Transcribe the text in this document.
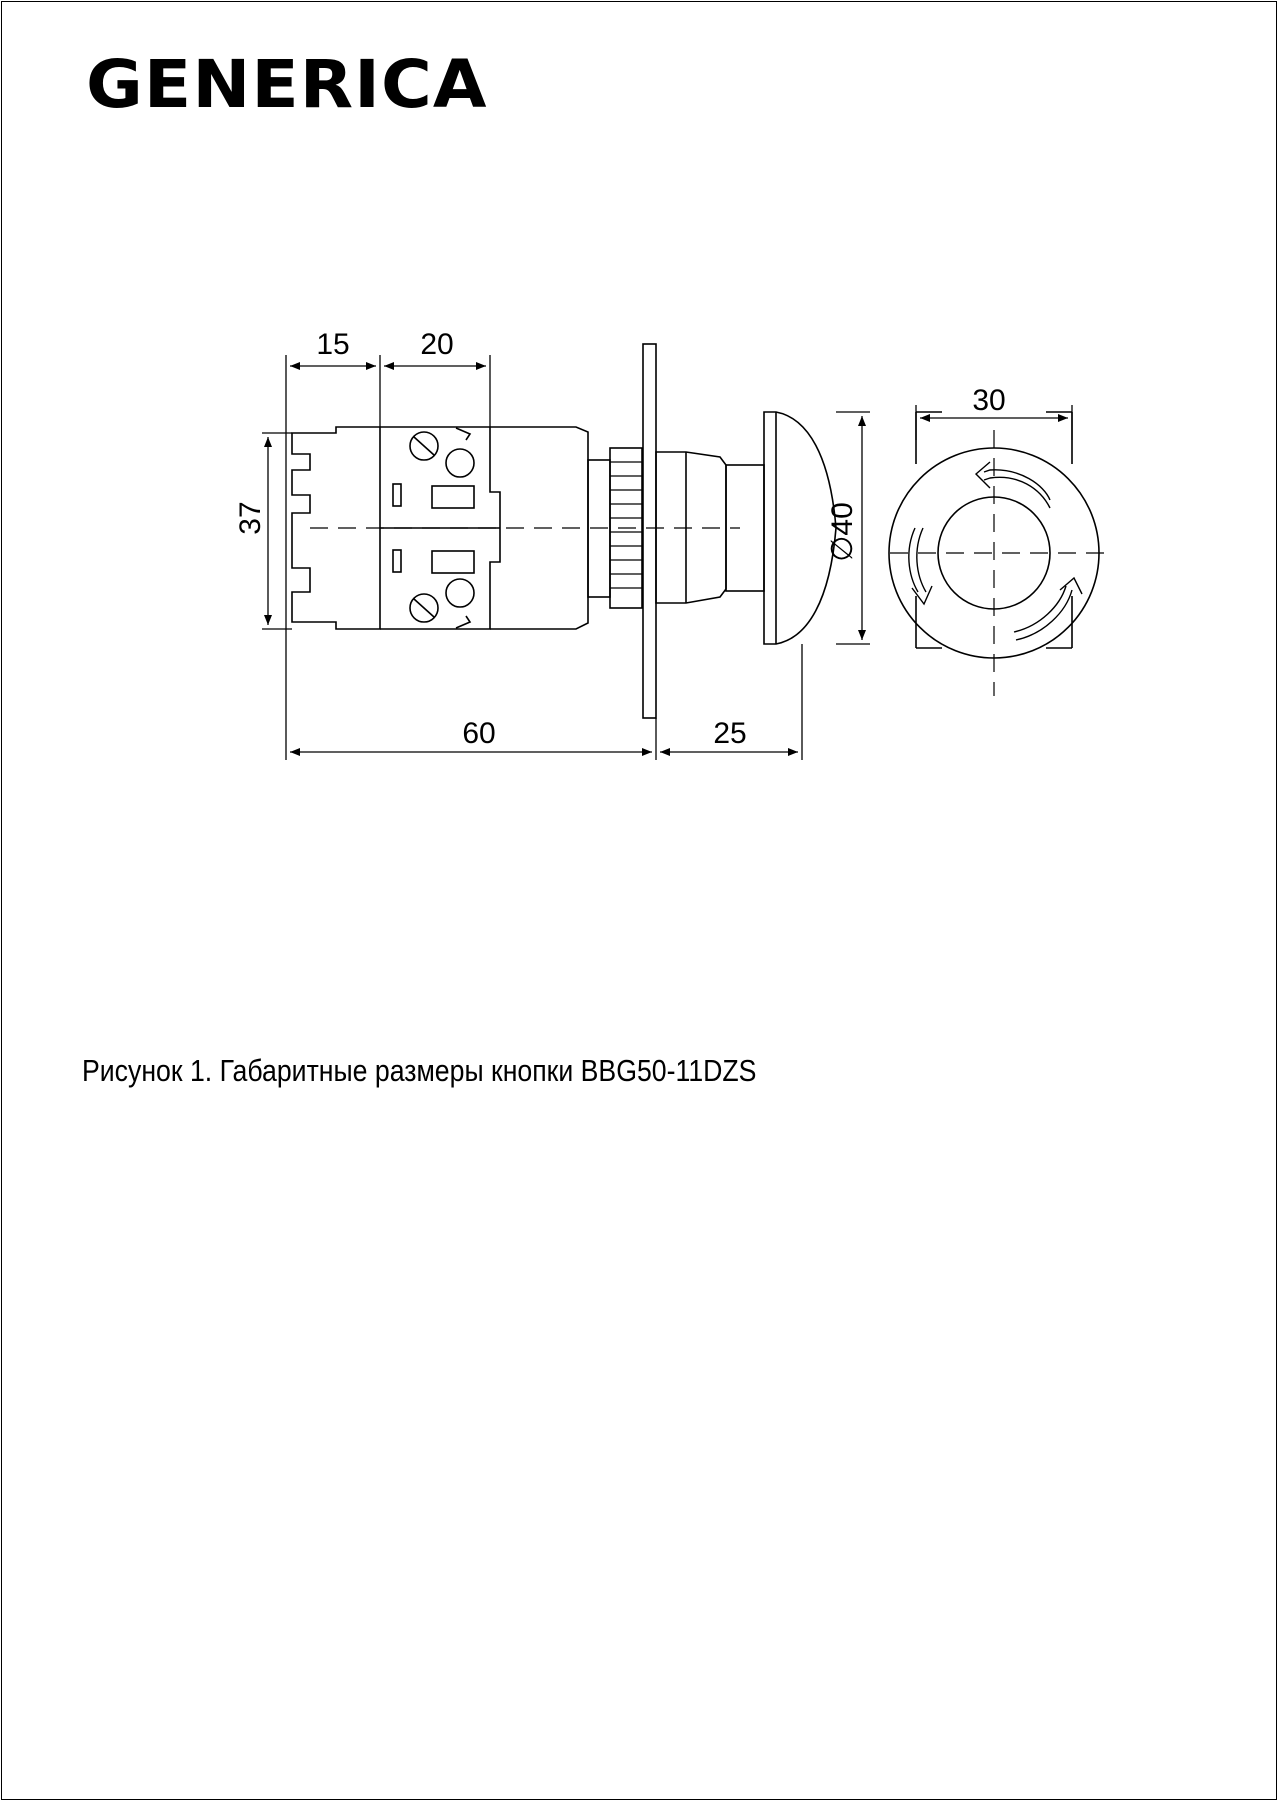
GENERICA
15 20
37
60	25
30
∅40
Рисунок 1. Габаритные размеры кнопки BBG50-11DZS
